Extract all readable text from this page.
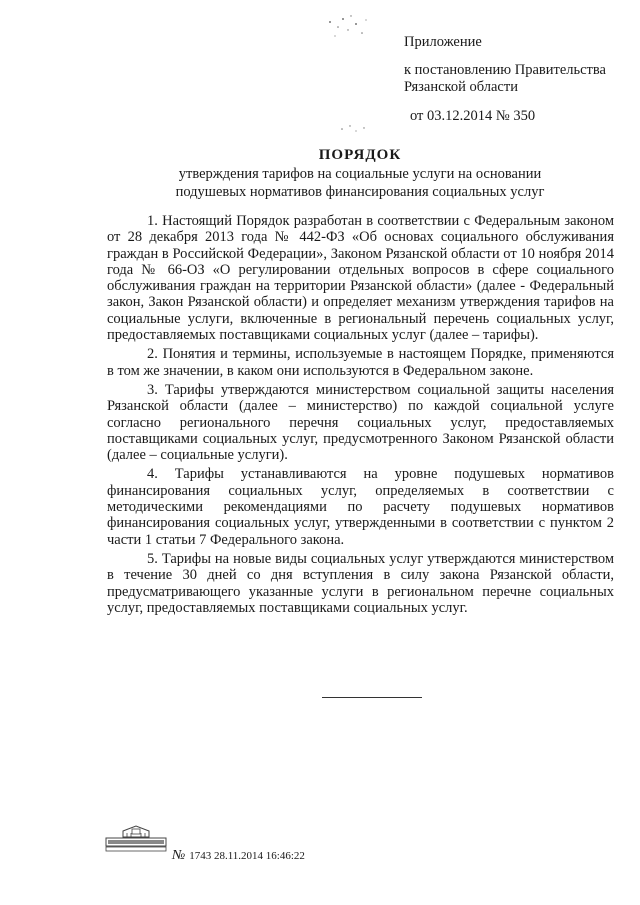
Приложение

к постановлению Правительства

Рязанской области

от 03.12.2014 № 350

ПОРЯДОК
утверждения тарифов на социальные услуги на основании
подушевых нормативов финансирования социальных услуг

1. Настоящий Порядок разработан в соответствии с Федеральным законом от 28 декабря 2013 года № 442-ФЗ «Об основах социального обслуживания граждан в Российской Федерации», Законом Рязанской области от 10 ноября 2014 года № 66-ОЗ «О регулировании отдельных вопросов в сфере социального обслуживания граждан на территории Рязанской области» (далее - Федеральный закон, Закон Рязанской области) и определяет механизм утверждения тарифов на социальные услуги, включенные в региональный перечень социальных услуг, предоставляемых поставщиками социальных услуг (далее – тарифы).

2. Понятия и термины, используемые в настоящем Порядке, применяются в том же значении, в каком они используются в Федеральном законе.

3. Тарифы утверждаются министерством социальной защиты населения Рязанской области (далее – министерство) по каждой социальной услуге согласно регионального перечня социальных услуг, предоставляемых поставщиками социальных услуг, предусмотренного Законом Рязанской области (далее – социальные услуги).

4. Тарифы устанавливаются на уровне подушевых нормативов финансирования социальных услуг, определяемых в соответствии с методическими рекомендациями по расчету подушевых нормативов финансирования социальных услуг, утвержденными в соответствии с пунктом 2 части 1 статьи 7 Федерального закона.

5. Тарифы на новые виды социальных услуг утверждаются министерством в течение 30 дней со дня вступления в силу закона Рязанской области, предусматривающего указанные услуги в региональном перечне социальных услуг, предоставляемых поставщиками социальных услуг.

№ 1743 28.11.2014 16:46:22
